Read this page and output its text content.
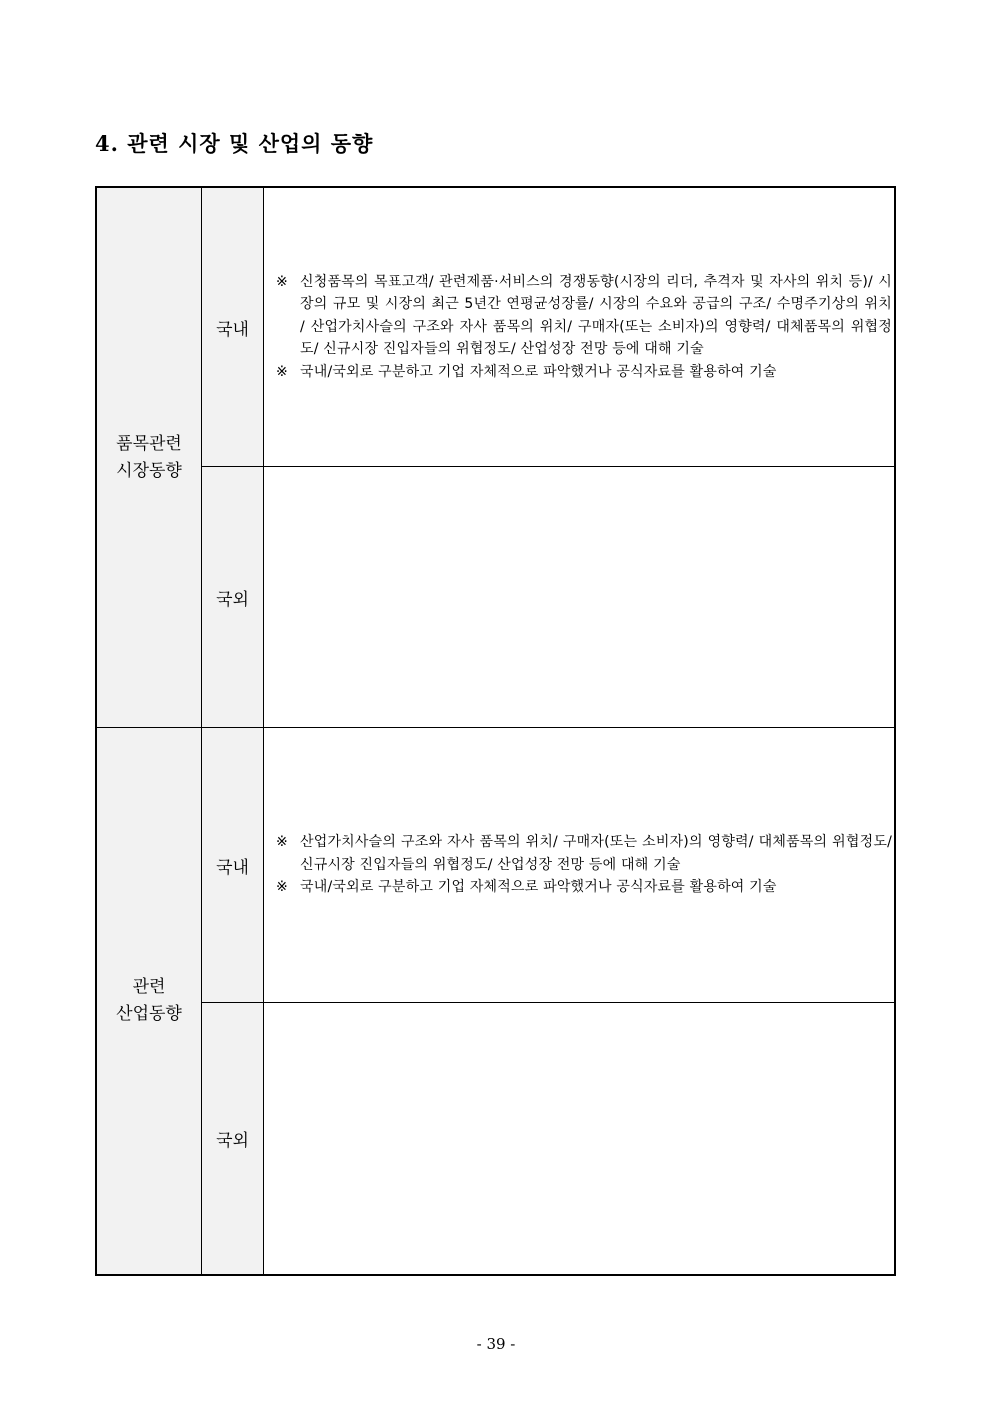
4. 관련 시장 및 산업의 동향
품목관련
시장동향
국내
※ 신청품목의 목표고객/ 관련제품·서비스의 경쟁동향(시장의 리더, 추격자 및 자사의 위치 등)/ 시장의 규모 및 시장의 최근 5년간 연평균성장률/ 시장의 수요와 공급의 구조/ 수명주기상의 위치 / 산업가치사슬의 구조와 자사 품목의 위치/ 구매자(또는 소비자)의 영향력/ 대체품목의 위협정도/ 신규시장 진입자들의 위협정도/ 산업성장 전망 등에 대해 기술
※ 국내/국외로 구분하고 기업 자체적으로 파악했거나 공식자료를 활용하여 기술
국외
관련
산업동향
국내
※ 산업가치사슬의 구조와 자사 품목의 위치/ 구매자(또는 소비자)의 영향력/ 대체품목의 위협정도/ 신규시장 진입자들의 위협정도/ 산업성장 전망 등에 대해 기술
※ 국내/국외로 구분하고 기업 자체적으로 파악했거나 공식자료를 활용하여 기술
국외
- 39 -
